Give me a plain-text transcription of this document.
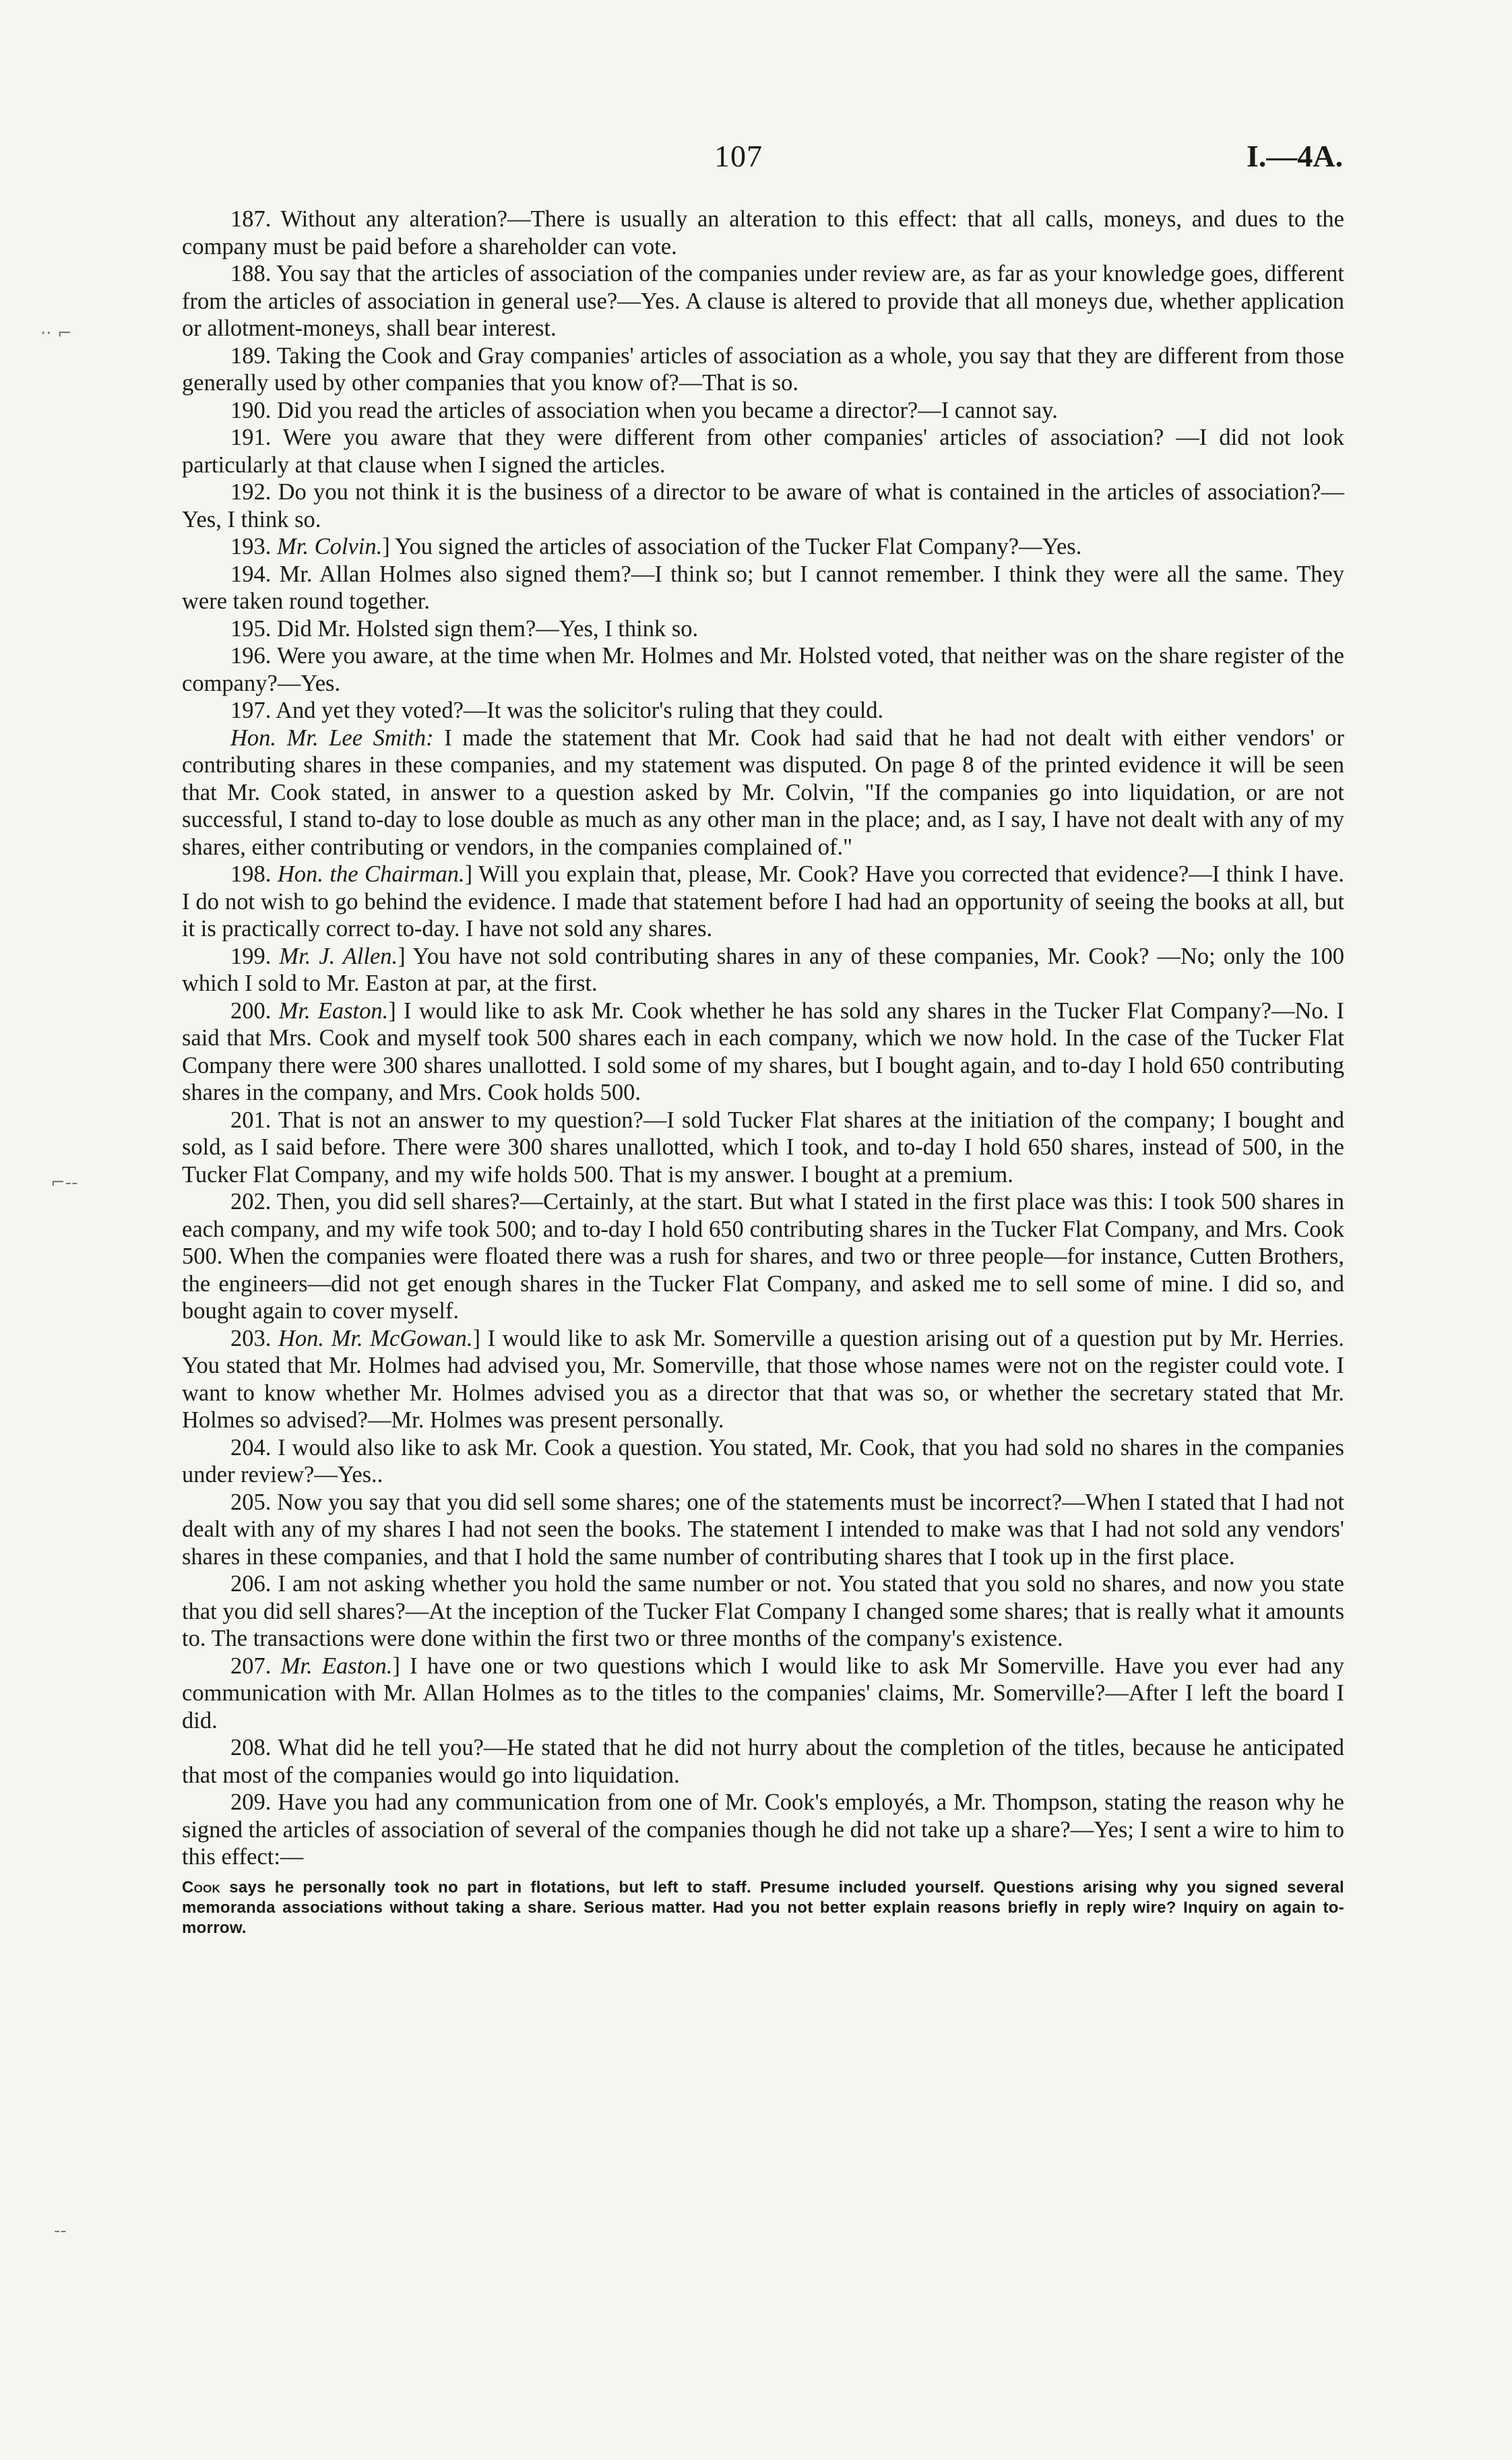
107	I.—4A.
·· ⌐
⌐-‐
-‐

187. Without any alteration?—There is usually an alteration to this effect: that all calls, moneys, and dues to the company must be paid before a shareholder can vote.

188. You say that the articles of association of the companies under review are, as far as your knowledge goes, different from the articles of association in general use?—Yes. A clause is altered to provide that all moneys due, whether application or allotment-moneys, shall bear interest.

189. Taking the Cook and Gray companies' articles of association as a whole, you say that they are different from those generally used by other companies that you know of?—That is so.

190. Did you read the articles of association when you became a director?—I cannot say.

191. Were you aware that they were different from other companies' articles of association? —I did not look particularly at that clause when I signed the articles.

192. Do you not think it is the business of a director to be aware of what is contained in the articles of association?—Yes, I think so.

193. Mr. Colvin.] You signed the articles of association of the Tucker Flat Company?—Yes.

194. Mr. Allan Holmes also signed them?—I think so; but I cannot remember. I think they were all the same. They were taken round together.

195. Did Mr. Holsted sign them?—Yes, I think so.

196. Were you aware, at the time when Mr. Holmes and Mr. Holsted voted, that neither was on the share register of the company?—Yes.

197. And yet they voted?—It was the solicitor's ruling that they could.

Hon. Mr. Lee Smith: I made the statement that Mr. Cook had said that he had not dealt with either vendors' or contributing shares in these companies, and my statement was disputed. On page 8 of the printed evidence it will be seen that Mr. Cook stated, in answer to a question asked by Mr. Colvin, "If the companies go into liquidation, or are not successful, I stand to-day to lose double as much as any other man in the place; and, as I say, I have not dealt with any of my shares, either contributing or vendors, in the companies complained of."

198. Hon. the Chairman.] Will you explain that, please, Mr. Cook? Have you corrected that evidence?—I think I have. I do not wish to go behind the evidence. I made that statement before I had had an opportunity of seeing the books at all, but it is practically correct to-day. I have not sold any shares.

199. Mr. J. Allen.] You have not sold contributing shares in any of these companies, Mr. Cook? —No; only the 100 which I sold to Mr. Easton at par, at the first.

200. Mr. Easton.] I would like to ask Mr. Cook whether he has sold any shares in the Tucker Flat Company?—No. I said that Mrs. Cook and myself took 500 shares each in each company, which we now hold. In the case of the Tucker Flat Company there were 300 shares unallotted. I sold some of my shares, but I bought again, and to-day I hold 650 contributing shares in the company, and Mrs. Cook holds 500.

201. That is not an answer to my question?—I sold Tucker Flat shares at the initiation of the company; I bought and sold, as I said before. There were 300 shares unallotted, which I took, and to-day I hold 650 shares, instead of 500, in the Tucker Flat Company, and my wife holds 500. That is my answer. I bought at a premium.

202. Then, you did sell shares?—Certainly, at the start. But what I stated in the first place was this: I took 500 shares in each company, and my wife took 500; and to-day I hold 650 contributing shares in the Tucker Flat Company, and Mrs. Cook 500. When the companies were floated there was a rush for shares, and two or three people—for instance, Cutten Brothers, the engineers—did not get enough shares in the Tucker Flat Company, and asked me to sell some of mine. I did so, and bought again to cover myself.

203. Hon. Mr. McGowan.] I would like to ask Mr. Somerville a question arising out of a question put by Mr. Herries. You stated that Mr. Holmes had advised you, Mr. Somerville, that those whose names were not on the register could vote. I want to know whether Mr. Holmes advised you as a director that that was so, or whether the secretary stated that Mr. Holmes so advised?—Mr. Holmes was present personally.

204. I would also like to ask Mr. Cook a question. You stated, Mr. Cook, that you had sold no shares in the companies under review?—Yes..

205. Now you say that you did sell some shares; one of the statements must be incorrect?—When I stated that I had not dealt with any of my shares I had not seen the books. The statement I intended to make was that I had not sold any vendors' shares in these companies, and that I hold the same number of contributing shares that I took up in the first place.

206. I am not asking whether you hold the same number or not. You stated that you sold no shares, and now you state that you did sell shares?—At the inception of the Tucker Flat Company I changed some shares; that is really what it amounts to. The transactions were done within the first two or three months of the company's existence.

207. Mr. Easton.] I have one or two questions which I would like to ask Mr Somerville. Have you ever had any communication with Mr. Allan Holmes as to the titles to the companies' claims, Mr. Somerville?—After I left the board I did.

208. What did he tell you?—He stated that he did not hurry about the completion of the titles, because he anticipated that most of the companies would go into liquidation.

209. Have you had any communication from one of Mr. Cook's employés, a Mr. Thompson, stating the reason why he signed the articles of association of several of the companies though he did not take up a share?—Yes; I sent a wire to him to this effect:—

Cook says he personally took no part in flotations, but left to staff. Presume included yourself. Questions arising why you signed several memoranda associations without taking a share. Serious matter. Had you not better explain reasons briefly in reply wire? Inquiry on again to-morrow.
